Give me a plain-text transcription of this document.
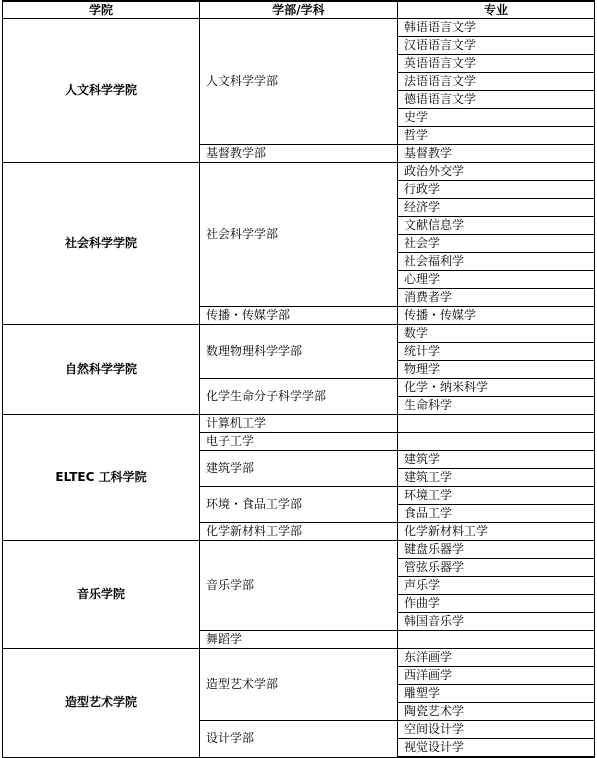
学院	学部/学科	专业
人文科学学院	人文科学学部	韩语语言文学
		汉语语言文学
		英语语言文学
		法语语言文学
		德语语言文学
		史学
		哲学
	基督教学部	基督教学
社会科学学院	社会科学学部	政治外交学
		行政学
		经济学
		文献信息学
		社会学
		社会福利学
		心理学
		消费者学
	传播・传媒学部	传播・传媒学
自然科学学院	数理物理科学学部	数学
		统计学
		物理学
	化学生命分子科学学部	化学・纳米科学
		生命科学
ELTEC 工科学院	计算机工学	
	电子工学	
	建筑学部	建筑学
		建筑工学
	环境・食品工学部	环境工学
		食品工学
	化学新材料工学部	化学新材料工学
音乐学院	音乐学部	键盘乐器学
		管弦乐器学
		声乐学
		作曲学
		韩国音乐学
	舞蹈学	
造型艺术学院	造型艺术学部	东洋画学
		西洋画学
		雕塑学
		陶瓷艺术学
	设计学部	空间设计学
		视觉设计学
